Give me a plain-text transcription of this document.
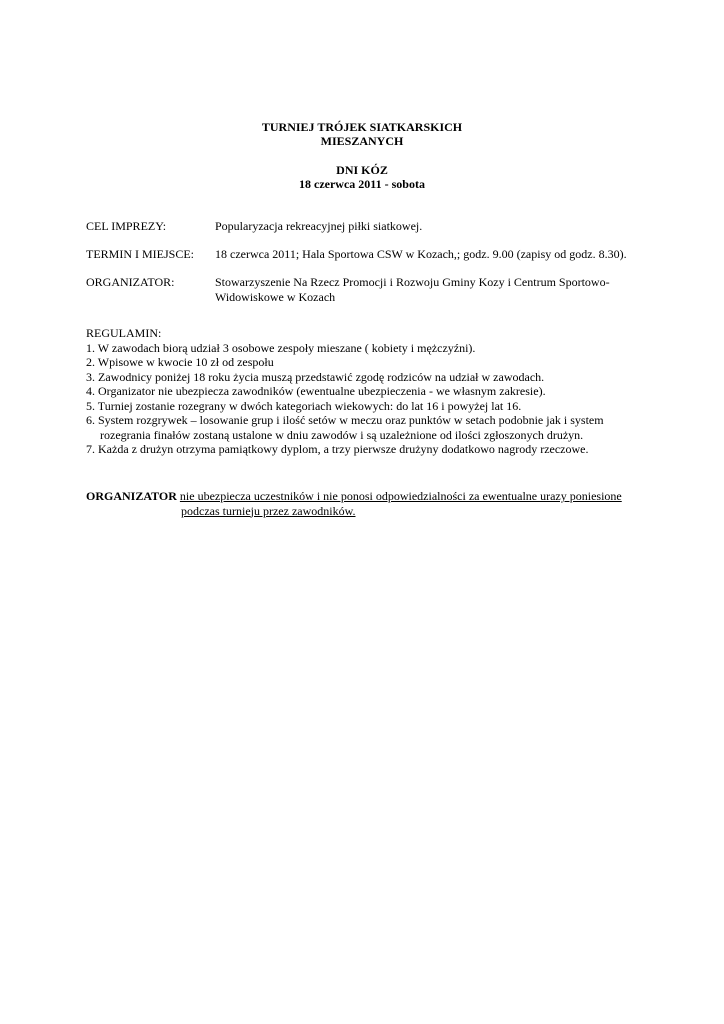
TURNIEJ TRÓJEK SIATKARSKICH
MIESZANYCH
DNI KÓZ
18 czerwca 2011 - sobota
CEL IMPREZY:	Popularyzacja rekreacyjnej piłki siatkowej.
TERMIN I MIEJSCE: 18 czerwca 2011; Hala Sportowa CSW w Kozach,; godz. 9.00 (zapisy od godz. 8.30).
ORGANIZATOR:	Stowarzyszenie Na Rzecz Promocji i Rozwoju Gminy Kozy i Centrum Sportowo-
Widowiskowe w Kozach
REGULAMIN:
1. W zawodach biorą udział 3 osobowe zespoły mieszane ( kobiety i mężczyźni).
2. Wpisowe w kwocie 10 zł od zespołu
3. Zawodnicy poniżej 18 roku życia muszą przedstawić zgodę rodziców na udział w zawodach.
4. Organizator nie ubezpiecza zawodników (ewentualne ubezpieczenia - we własnym zakresie).
5. Turniej zostanie rozegrany w dwóch kategoriach wiekowych: do lat 16 i powyżej lat 16.
6. System rozgrywek – losowanie grup i ilość setów w meczu oraz punktów w setach podobnie jak i system
rozegrania finałów zostaną ustalone w dniu zawodów i są uzależnione od ilości zgłoszonych drużyn.
7. Każda z drużyn otrzyma pamiątkowy dyplom, a trzy pierwsze drużyny dodatkowo nagrody rzeczowe.
ORGANIZATOR nie ubezpiecza uczestników i nie ponosi odpowiedzialności za ewentualne urazy poniesione
podczas turnieju przez zawodników.
